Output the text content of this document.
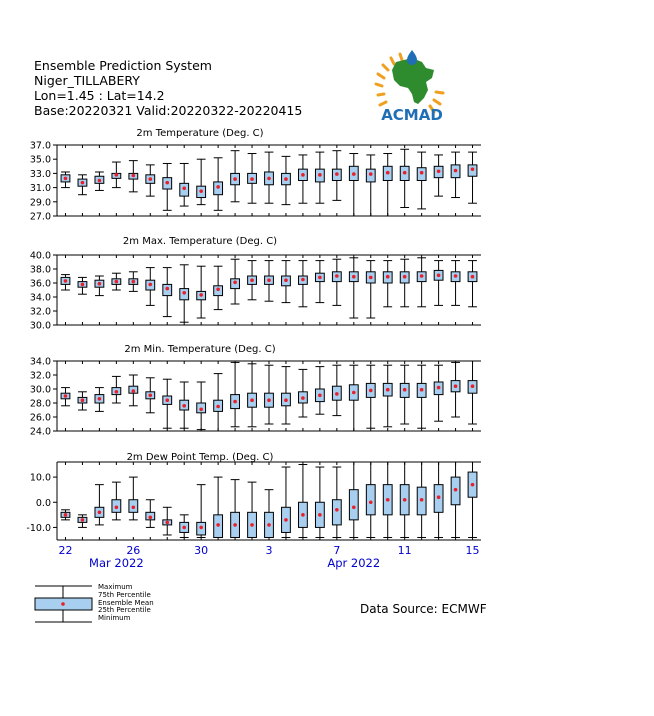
Ensemble Prediction System
Niger_TILLABERY
Lon=1.45 : Lat=14.2
Base:20220321 Valid:20220322-20220415	ACMAD
37.0
35.0
33.0
31.0
29.0
27.0
2m Temperature (Deg. C)
40.0
38.0
36.0
34.0
32.0
30.0
2m Max. Temperature (Deg. C)
34.0
32.0
30.0
28.0
26.0
24.0
2m Min. Temperature (Deg. C)
10.0
0.0
-10.0
2m Dew Point Temp. (Deg. C)
22	26	30	3	7	11	15
Mar 2022	Apr 2022
Maximum
75th Percentile
Ensemble Mean
25th Percentile
Minimum
Data Source: ECMWF
